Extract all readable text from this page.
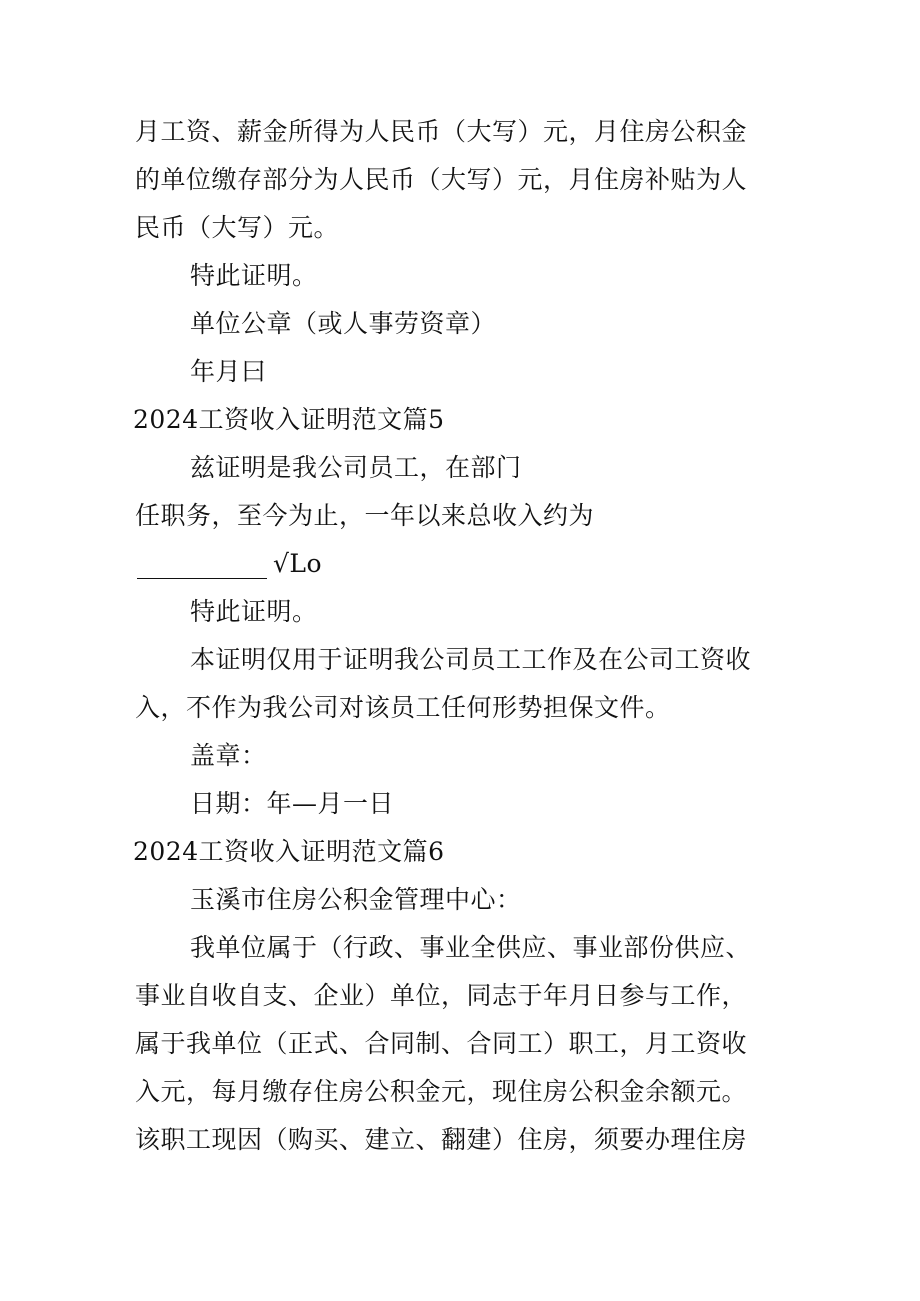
月工资、薪金所得为人民币（大写）元，月住房公积金
的单位缴存部分为人民币（大写）元，月住房补贴为人
民币（大写）元。
特此证明。
单位公章（或人事劳资章）
年月曰
2024工资收入证明范文篇5
兹证明是我公司员工，在部门
任职务，至今为止，一年以来总收入约为
√Lo
特此证明。
本证明仅用于证明我公司员工工作及在公司工资收
入，不作为我公司对该员工任何形势担保文件。
盖章：
日期：年—月一日
2024工资收入证明范文篇6
玉溪市住房公积金管理中心：
我单位属于（行政、事业全供应、事业部份供应、
事业自收自支、企业）单位，同志于年月日参与工作，
属于我单位（正式、合同制、合同工）职工，月工资收
入元，每月缴存住房公积金元，现住房公积金余额元。
该职工现因（购买、建立、翻建）住房，须要办理住房
